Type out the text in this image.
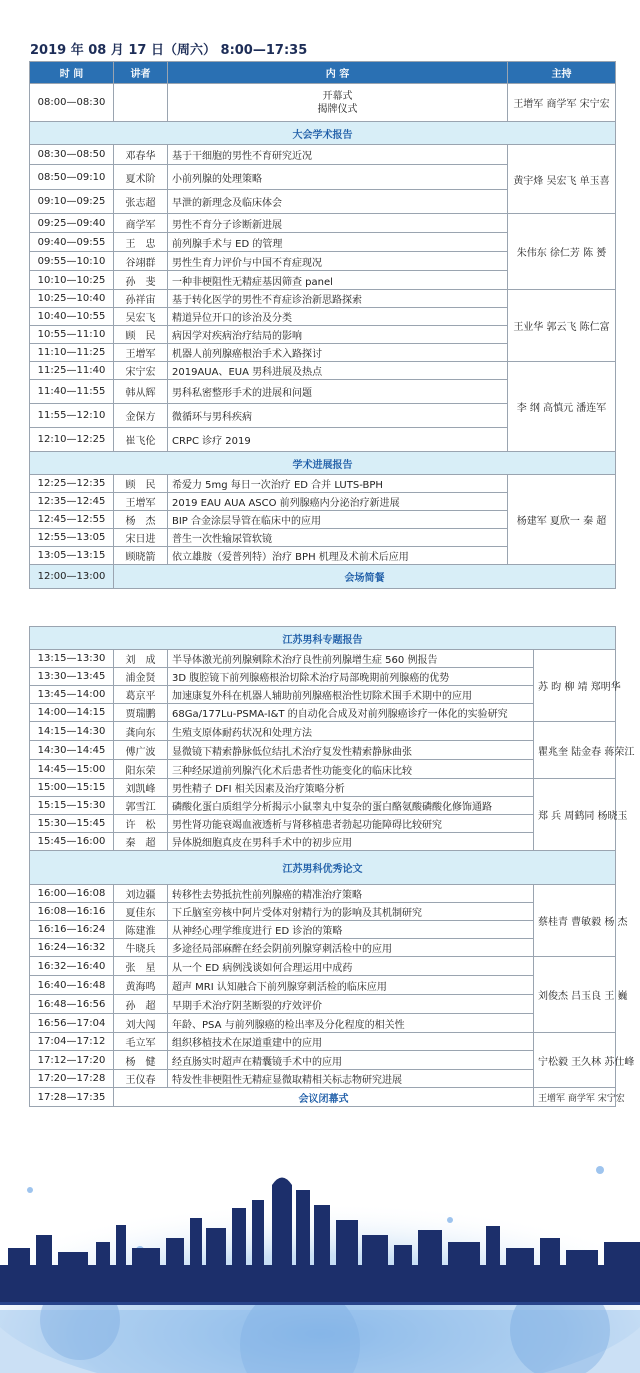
2019 年 08 月 17 日（周六） 8:00—17:35
时 间	讲者	内 容	主持
08:00—08:30		开幕式
揭牌仪式	王增军 商学军 宋宁宏
大会学术报告			
08:30—08:50	邓春华	基于干细胞的男性不育研究近况	黄宇烽 吴宏飞 单玉喜
08:50—09:10	夏术阶	小前列腺的处理策略	
09:10—09:25	张志超	早泄的新理念及临床体会	
09:25—09:40	商学军	男性不育分子诊断新进展	朱伟东 徐仁芳 陈 赟
09:40—09:55	王　忠	前列腺手术与 ED 的管理	
09:55—10:10	谷翊群	男性生育力评价与中国不育症现况	
10:10—10:25	孙　斐	一种非梗阻性无精症基因筛查 panel	
10:25—10:40	孙祥宙	基于转化医学的男性不育症诊治新思路探索	王业华 郭云飞 陈仁富
10:40—10:55	吴宏飞	精道异位开口的诊治及分类	
10:55—11:10	顾　民	病因学对疾病治疗结局的影响	
11:10—11:25	王增军	机器人前列腺癌根治手术入路探讨	
11:25—11:40	宋宁宏	2019AUA、EUA 男科进展及热点	李 纲 高慎元 潘连军
11:40—11:55	韩从辉	男科私密整形手术的进展和问题	
11:55—12:10	金保方	微循环与男科疾病	
12:10—12:25	崔飞伦	CRPC 诊疗 2019	
学术进展报告			
12:25—12:35	顾　民	希爱力 5mg 每日一次治疗 ED 合并 LUTS-BPH	杨建军 夏欣一 秦 超
12:35—12:45	王增军	2019 EAU AUA ASCO 前列腺癌内分泌治疗新进展	
12:45—12:55	杨　杰	BIP 合金涂层导管在临床中的应用	
12:55—13:05	宋日进	普生一次性输尿管软镜	
13:05—13:15	顾晓箭	依立雄胺（爱普列特）治疗 BPH 机理及术前术后应用	
12:00—13:00	会场简餐		
江苏男科专题报告			
13:15—13:30	刘　成	半导体激光前列腺剜除术治疗良性前列腺增生症 560 例报告	苏 昀 柳 靖 郑明华
13:30—13:45	浦金贤	3D 腹腔镜下前列腺癌根治切除术治疗局部晚期前列腺癌的优势	
13:45—14:00	葛京平	加速康复外科在机器人辅助前列腺癌根治性切除术围手术期中的应用	
14:00—14:15	贾瑞鹏	68Ga/177Lu-PSMA-I&T 的自动化合成及对前列腺癌诊疗一体化的实验研究	
14:15—14:30	龚向东	生殖支原体耐药状况和处理方法	瞿兆奎 陆金春 蒋荣江
14:30—14:45	傅广波	显微镜下精索静脉低位结扎术治疗复发性精索静脉曲张	
14:45—15:00	阳东荣	三种经尿道前列腺汽化术后患者性功能变化的临床比较	
15:00—15:15	刘凯峰	男性精子 DFI 相关因素及治疗策略分析	郑 兵 周鹤同 杨晓玉
15:15—15:30	郭雪江	磷酸化蛋白质组学分析揭示小鼠睾丸中复杂的蛋白酪氨酸磷酸化修饰通路	
15:30—15:45	许　松	男性肾功能衰竭血液透析与肾移植患者勃起功能障碍比较研究	
15:45—16:00	秦　超	异体脱细胞真皮在男科手术中的初步应用	
江苏男科优秀论文			
16:00—16:08	刘边疆	转移性去势抵抗性前列腺癌的精准治疗策略	蔡桂青 曹敏毅 杨 杰
16:08—16:16	夏佳东	下丘脑室旁核中阿片受体对射精行为的影响及其机制研究	
16:16—16:24	陈建淮	从神经心理学维度进行 ED 诊治的策略	
16:24—16:32	牛晓兵	多途径局部麻醉在经会阴前列腺穿刺活检中的应用	
16:32—16:40	张　星	从一个 ED 病例浅谈如何合理运用中成药	刘俊杰 吕玉良 王 巍
16:40—16:48	黄海鸣	超声 MRI 认知融合下前列腺穿刺活检的临床应用	
16:48—16:56	孙　超	早期手术治疗阴茎断裂的疗效评价	
16:56—17:04	刘大闯	年龄、PSA 与前列腺癌的检出率及分化程度的相关性	
17:04—17:12	毛立军	组织移植技术在尿道重建中的应用	宁松毅 王久林 苏仕峰
17:12—17:20	杨　健	经直肠实时超声在精囊镜手术中的应用	
17:20—17:28	王仪春	特发性非梗阻性无精症显微取精相关标志物研究进展	
17:28—17:35	会议闭幕式		王增军 商学军 宋宁宏
